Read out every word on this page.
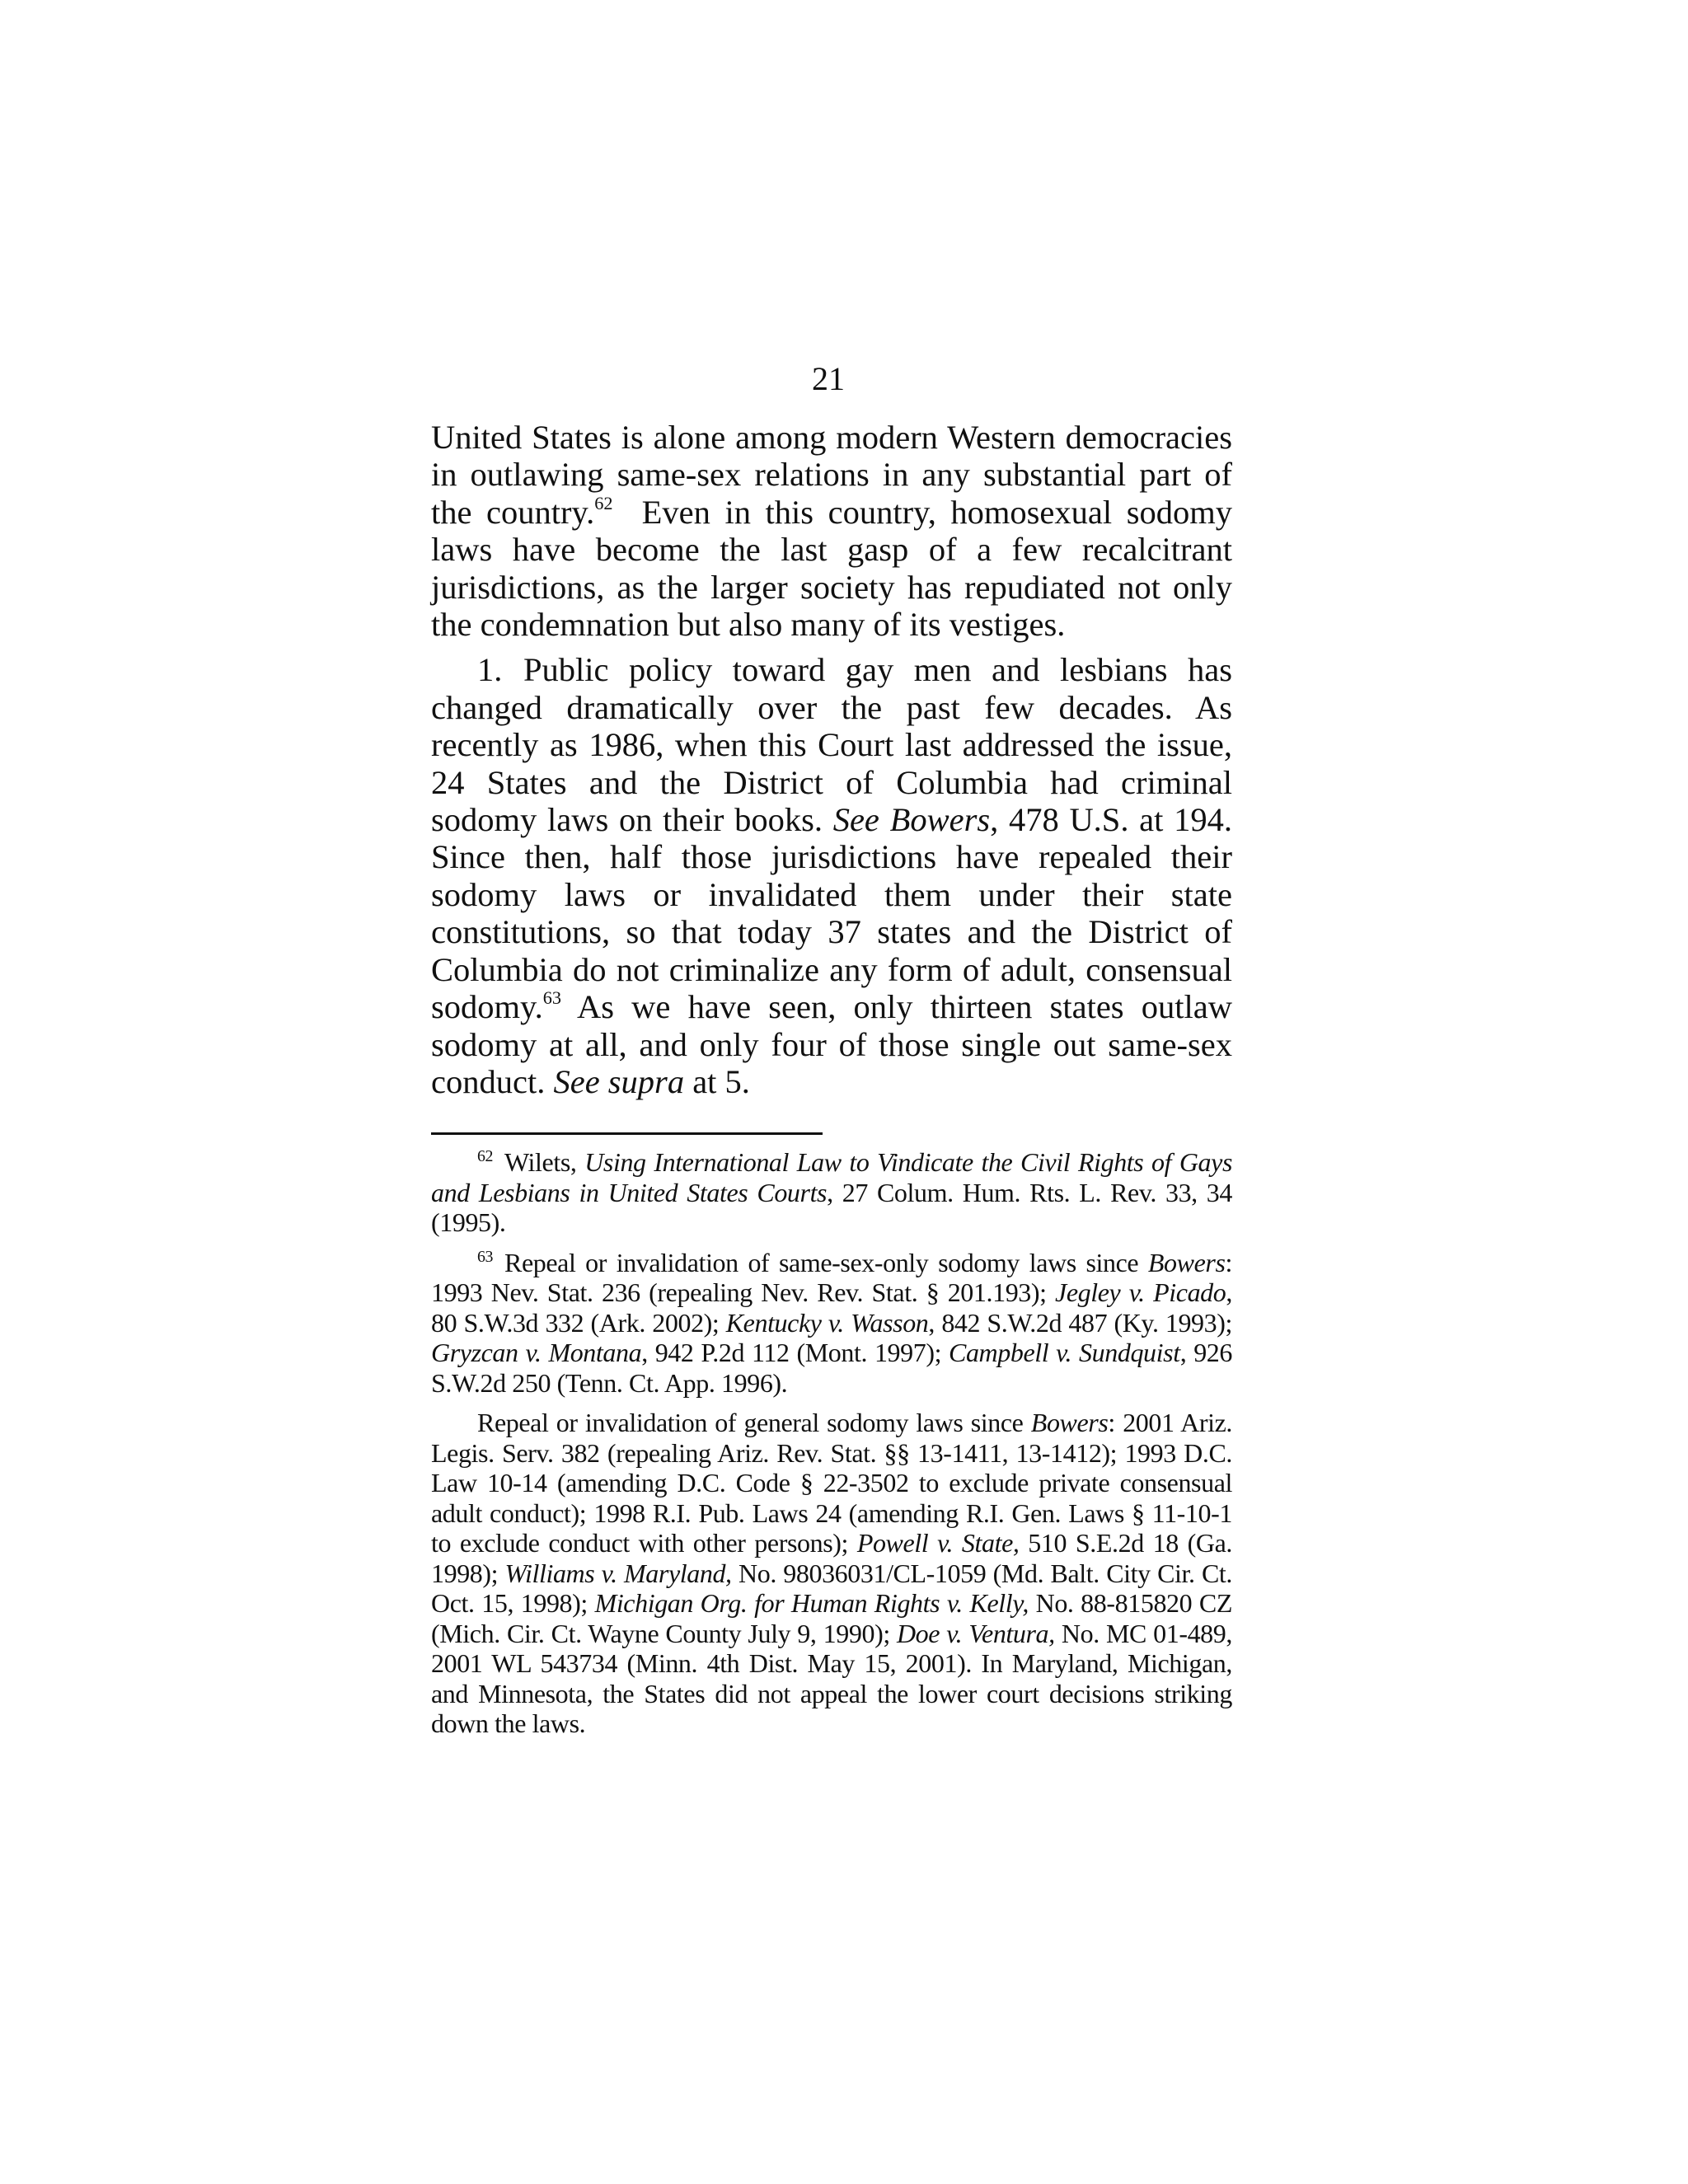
21

United States is alone among modern Western democracies in outlawing same-sex relations in any substantial part of the country.$^{62}$  Even in this country, homosexual sodomy laws have become the last gasp of a few recalcitrant jurisdictions, as the larger society has repudiated not only the condemnation but also many of its vestiges.

1. Public policy toward gay men and lesbians has changed dramatically over the past few decades. As recently as 1986, when this Court last addressed the issue, 24 States and the District of Columbia had criminal sodomy laws on their books. See Bowers, 478 U.S. at 194. Since then, half those jurisdictions have repealed their sodomy laws or invalidated them under their state constitutions, so that today 37 states and the District of Columbia do not criminalize any form of adult, consensual sodomy.$^{63}$ As we have seen, only thirteen states outlaw sodomy at all, and only four of those single out same-sex conduct. See supra at 5.

$^{62}$ Wilets, Using International Law to Vindicate the Civil Rights of Gays and Lesbians in United States Courts, 27 Colum. Hum. Rts. L. Rev. 33, 34 (1995).

$^{63}$ Repeal or invalidation of same-sex-only sodomy laws since Bowers: 1993 Nev. Stat. 236 (repealing Nev. Rev. Stat. § 201.193); Jegley v. Picado, 80 S.W.3d 332 (Ark. 2002); Kentucky v. Wasson, 842 S.W.2d 487 (Ky. 1993); Gryzcan v. Montana, 942 P.2d 112 (Mont. 1997); Campbell v. Sundquist, 926 S.W.2d 250 (Tenn. Ct. App. 1996).

Repeal or invalidation of general sodomy laws since Bowers: 2001 Ariz. Legis. Serv. 382 (repealing Ariz. Rev. Stat. §§ 13-1411, 13-1412); 1993 D.C. Law 10-14 (amending D.C. Code § 22-3502 to exclude private consensual adult conduct); 1998 R.I. Pub. Laws 24 (amending R.I. Gen. Laws § 11-10-1 to exclude conduct with other persons); Powell v. State, 510 S.E.2d 18 (Ga. 1998); Williams v. Maryland, No. 98036031/CL-1059 (Md. Balt. City Cir. Ct. Oct. 15, 1998); Michigan Org. for Human Rights v. Kelly, No. 88-815820 CZ (Mich. Cir. Ct. Wayne County July 9, 1990); Doe v. Ventura, No. MC 01-489, 2001 WL 543734 (Minn. 4th Dist. May 15, 2001). In Maryland, Michigan, and Minnesota, the States did not appeal the lower court decisions striking down the laws.
